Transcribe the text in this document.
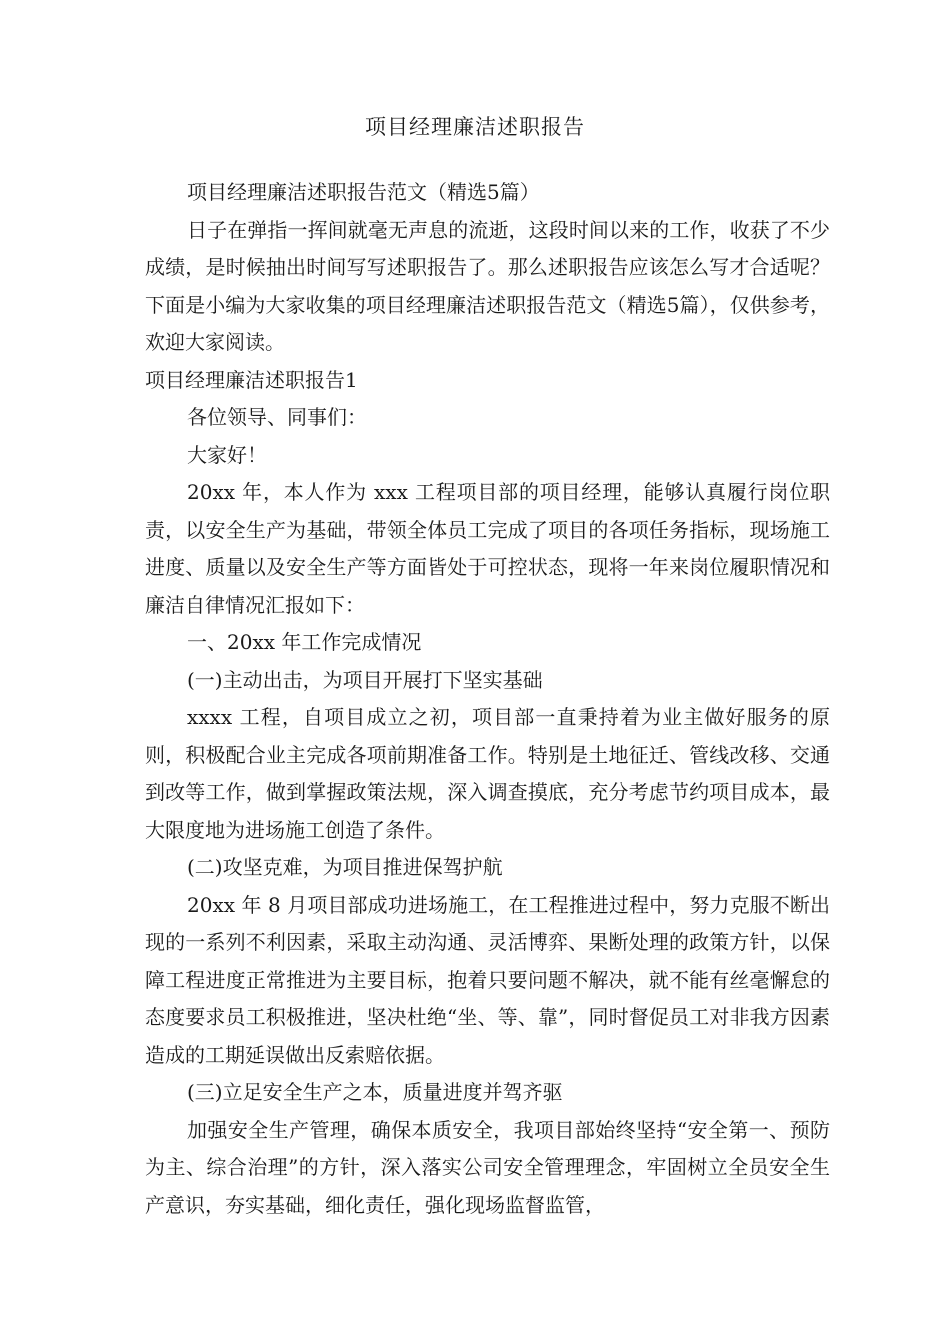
项目经理廉洁述职报告

项目经理廉洁述职报告范文（精选5篇）

日子在弹指一挥间就毫无声息的流逝，这段时间以来的工作，收获了不少成绩，是时候抽出时间写写述职报告了。那么述职报告应该怎么写才合适呢？下面是小编为大家收集的项目经理廉洁述职报告范文（精选5篇），仅供参考，欢迎大家阅读。

项目经理廉洁述职报告1

各位领导、同事们：

大家好！

20xx 年，本人作为 xxx 工程项目部的项目经理，能够认真履行岗位职责，以安全生产为基础，带领全体员工完成了项目的各项任务指标，现场施工进度、质量以及安全生产等方面皆处于可控状态，现将一年来岗位履职情况和廉洁自律情况汇报如下：

一、20xx 年工作完成情况

(一)主动出击，为项目开展打下坚实基础

xxxx 工程，自项目成立之初，项目部一直秉持着为业主做好服务的原则，积极配合业主完成各项前期准备工作。特别是土地征迁、管线改移、交通到改等工作，做到掌握政策法规，深入调查摸底，充分考虑节约项目成本，最大限度地为进场施工创造了条件。

(二)攻坚克难，为项目推进保驾护航

20xx 年 8 月项目部成功进场施工，在工程推进过程中，努力克服不断出现的一系列不利因素，采取主动沟通、灵活博弈、果断处理的政策方针，以保障工程进度正常推进为主要目标，抱着只要问题不解决，就不能有丝毫懈怠的态度要求员工积极推进，坚决杜绝“坐、等、靠”，同时督促员工对非我方因素造成的工期延误做出反索赔依据。

(三)立足安全生产之本，质量进度并驾齐驱

加强安全生产管理，确保本质安全，我项目部始终坚持“安全第一、预防为主、综合治理”的方针，深入落实公司安全管理理念，牢固树立全员安全生产意识，夯实基础，细化责任，强化现场监督监管，
